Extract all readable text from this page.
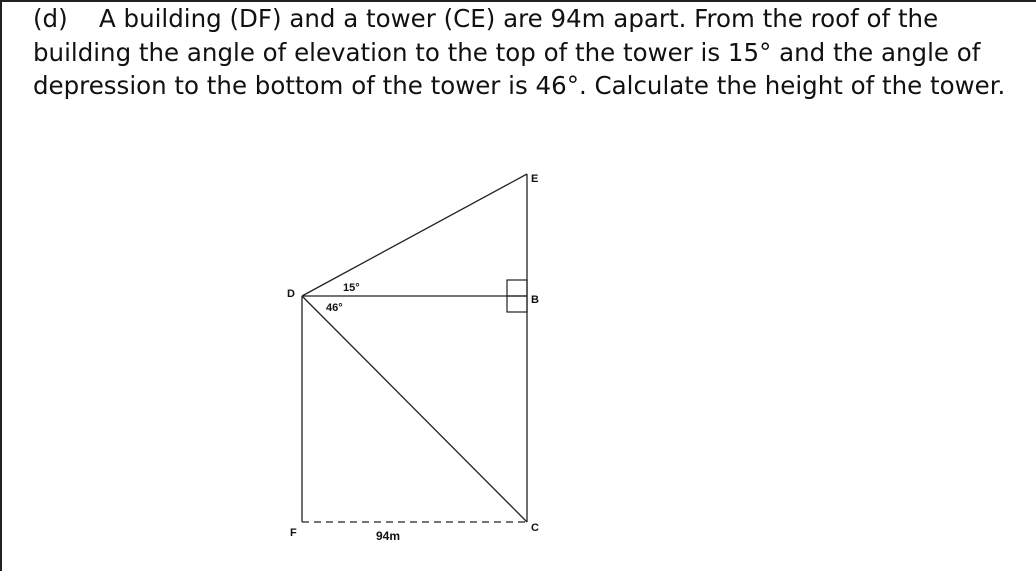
(d) A building (DF) and a tower (CE) are 94m apart. From the roof of the
building the angle of elevation to the top of the tower is 15° and the angle of
depression to the bottom of the tower is 46°. Calculate the height of the tower.
E
D	B
F	C
15°
46°
94m
